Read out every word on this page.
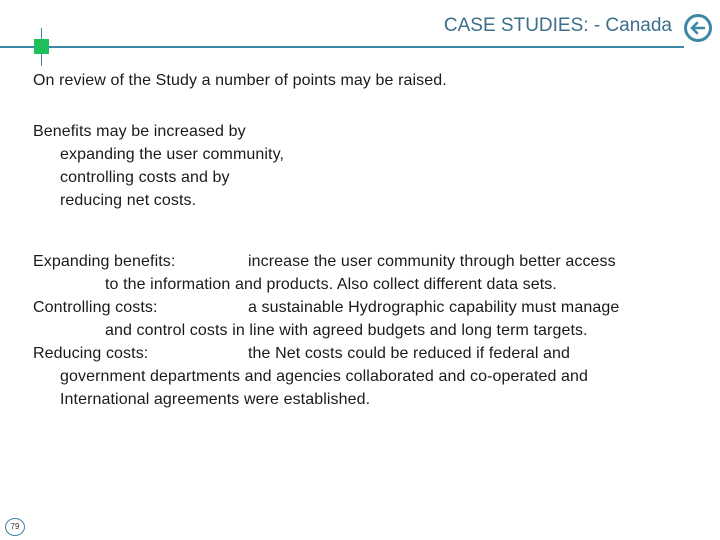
CASE STUDIES: - Canada
On review of the Study a number of points may be raised.
Benefits may be increased by
expanding the user community,
controlling costs and by
reducing net costs.
Expanding benefits:	increase the user community through better access
to the information and products. Also collect different data sets.
Controlling costs:	a sustainable Hydrographic capability must manage
and control costs in line with agreed budgets and long term targets.
Reducing costs:	the Net costs could be reduced if federal and
government departments and agencies collaborated and co-operated and
International agreements were established.
79
